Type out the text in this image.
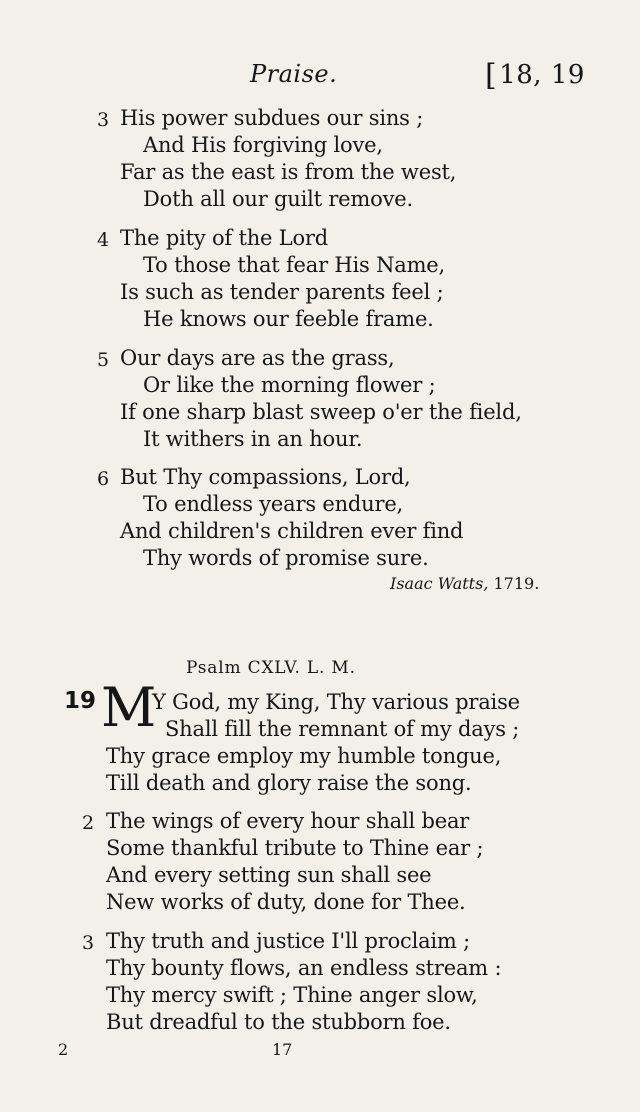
Praise.	[18, 19
3 His power subdues our sins ;
And His forgiving love,
Far as the east is from the west,
Doth all our guilt remove.
4 The pity of the Lord
To those that fear His Name,
Is such as tender parents feel ;
He knows our feeble frame.
5 Our days are as the grass,
Or like the morning flower ;
If one sharp blast sweep o'er the field,
It withers in an hour.
6 But Thy compassions, Lord,
To endless years endure,
And children's children ever find
Thy words of promise sure.
Isaac Watts, 1719.
Psalm CXLV. L. M.
19 M
Y God, my King, Thy various praise
Shall fill the remnant of my days ;
Thy grace employ my humble tongue,
Till death and glory raise the song.
2 The wings of every hour shall bear
Some thankful tribute to Thine ear ;
And every setting sun shall see
New works of duty, done for Thee.
3 Thy truth and justice I'll proclaim ;
Thy bounty flows, an endless stream :
Thy mercy swift ; Thine anger slow,
But dreadful to the stubborn foe.
2	17
